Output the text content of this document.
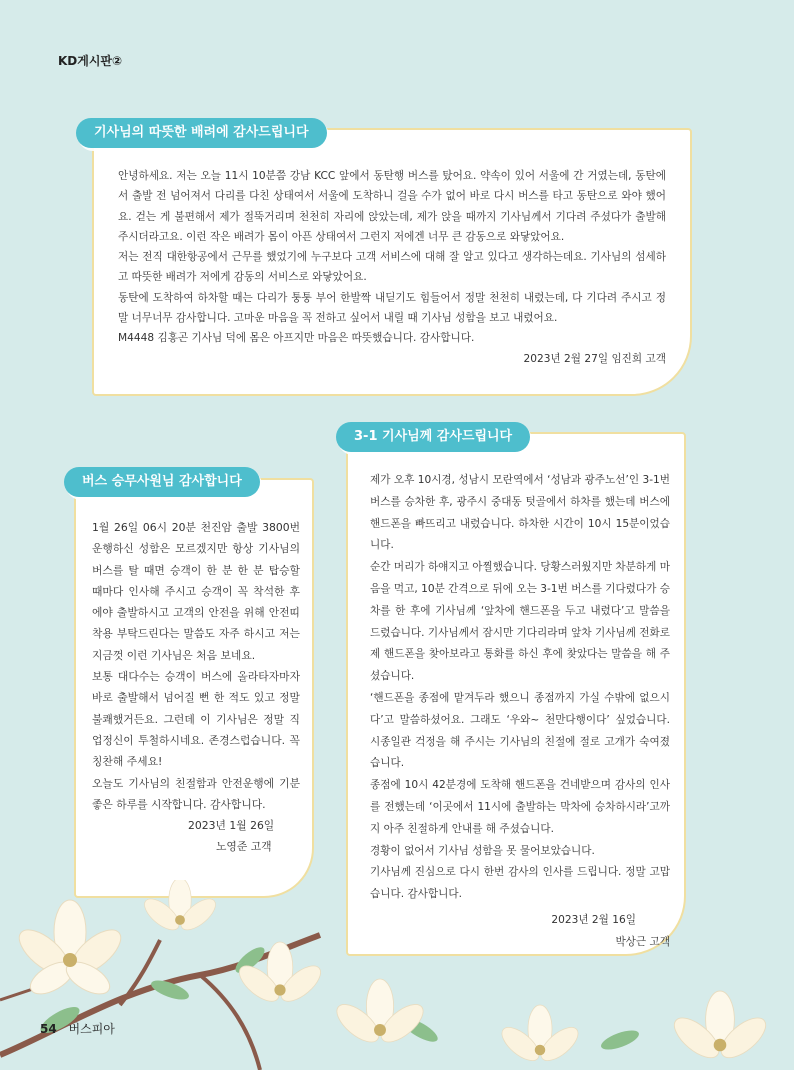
KD게시판②
기사님의 따뜻한 배려에 감사드립니다

안녕하세요. 저는 오늘 11시 10분쯤 강남 KCC 앞에서 동탄행 버스를 탔어요. 약속이 있어 서울에 간 거였는데, 동탄에서 출발 전 넘어져서 다리를 다친 상태여서 서울에 도착하니 걸을 수가 없어 바로 다시 버스를 타고 동탄으로 와야 했어요. 걷는 게 불편해서 제가 절뚝거리며 천천히 자리에 앉았는데, 제가 앉을 때까지 기사님께서 기다려 주셨다가 출발해 주시더라고요. 이런 작은 배려가 몸이 아픈 상태여서 그런지 저에겐 너무 큰 감동으로 와닿았어요.

저는 전직 대한항공에서 근무를 했었기에 누구보다 고객 서비스에 대해 잘 알고 있다고 생각하는데요. 기사님의 섬세하고 따뜻한 배려가 저에게 감동의 서비스로 와닿았어요.

동탄에 도착하여 하차할 때는 다리가 퉁퉁 부어 한발짝 내딛기도 힘들어서 정말 천천히 내렸는데, 다 기다려 주시고 정말 너무너무 감사합니다. 고마운 마음을 꼭 전하고 싶어서 내릴 때 기사님 성함을 보고 내렸어요.

M4448 김홍곤 기사님 덕에 몸은 아프지만 마음은 따뜻했습니다. 감사합니다.

2023년 2월 27일 임진희 고객
버스 승무사원님 감사합니다

1월 26일 06시 20분 천진암 출발 3800번 운행하신 성함은 모르겠지만 항상 기사님의 버스를 탈 때면 승객이 한 분 한 분 탑승할 때마다 인사해 주시고 승객이 꼭 착석한 후에야 출발하시고 고객의 안전을 위해 안전띠 착용 부탁드린다는 말씀도 자주 하시고 저는 지금껏 이런 기사님은 처음 보네요.

보통 대다수는 승객이 버스에 올라타자마자 바로 출발해서 넘어질 뻔 한 적도 있고 정말 불쾌했거든요. 그런데 이 기사님은 정말 직업정신이 투철하시네요. 존경스럽습니다. 꼭 칭찬해 주세요!

오늘도 기사님의 친절함과 안전운행에 기분 좋은 하루를 시작합니다. 감사합니다.

2023년 1월 26일
노영준 고객
3-1 기사님께 감사드립니다

제가 오후 10시경, 성남시 모란역에서 ‘성남과 광주노선’인 3-1번 버스를 승차한 후, 광주시 중대동 텃골에서 하차를 했는데 버스에 핸드폰을 빠뜨리고 내렸습니다. 하차한 시간이 10시 15분이었습니다.

순간 머리가 하얘지고 아찔했습니다. 당황스러웠지만 차분하게 마음을 먹고, 10분 간격으로 뒤에 오는 3-1번 버스를 기다렸다가 승차를 한 후에 기사님께 ‘앞차에 핸드폰을 두고 내렸다’고 말씀을 드렸습니다. 기사님께서 잠시만 기다리라며 앞차 기사님께 전화로 제 핸드폰을 찾아보라고 통화를 하신 후에 찾았다는 말씀을 해 주셨습니다.

‘핸드폰을 종점에 맡겨두라 했으니 종점까지 가실 수밖에 없으시다’고 말씀하셨어요. 그래도 ‘우와~ 천만다행이다’ 싶었습니다. 시종일관 걱정을 해 주시는 기사님의 친절에 절로 고개가 숙여졌습니다.

종점에 10시 42분경에 도착해 핸드폰을 건네받으며 감사의 인사를 전했는데 ‘이곳에서 11시에 출발하는 막차에 승차하시라’고까지 아주 친절하게 안내를 해 주셨습니다.

경황이 없어서 기사님 성함을 못 물어보았습니다.

기사님께 진심으로 다시 한번 감사의 인사를 드립니다. 정말 고맙습니다. 감사합니다.

2023년 2월 16일
박상근 고객
54 버스피아
